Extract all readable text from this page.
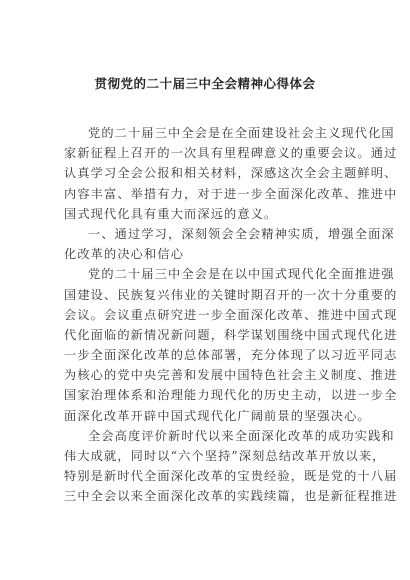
贯彻党的二十届三中全会精神心得体会
党的二十届三中全会是在全面建设社会主义现代化国
家新征程上召开的一次具有里程碑意义的重要会议。通过
认真学习全会公报和相关材料，深感这次全会主题鲜明、
内容丰富、举措有力，对于进一步全面深化改革、推进中
国式现代化具有重大而深远的意义。
一、通过学习，深刻领会全会精神实质，增强全面深
化改革的决心和信心
党的二十届三中全会是在以中国式现代化全面推进强
国建设、民族复兴伟业的关键时期召开的一次十分重要的
会议。会议重点研究进一步全面深化改革、推进中国式现
代化面临的新情况新问题，科学谋划围绕中国式现代化进
一步全面深化改革的总体部署，充分体现了以习近平同志
为核心的党中央完善和发展中国特色社会主义制度、推进
国家治理体系和治理能力现代化的历史主动，以进一步全
面深化改革开辟中国式现代化广阔前景的坚强决心。
全会高度评价新时代以来全面深化改革的成功实践和
伟大成就，同时以“六个坚持”深刻总结改革开放以来，
特别是新时代全面深化改革的宝贵经验，既是党的十八届
三中全会以来全面深化改革的实践续篇，也是新征程推进
